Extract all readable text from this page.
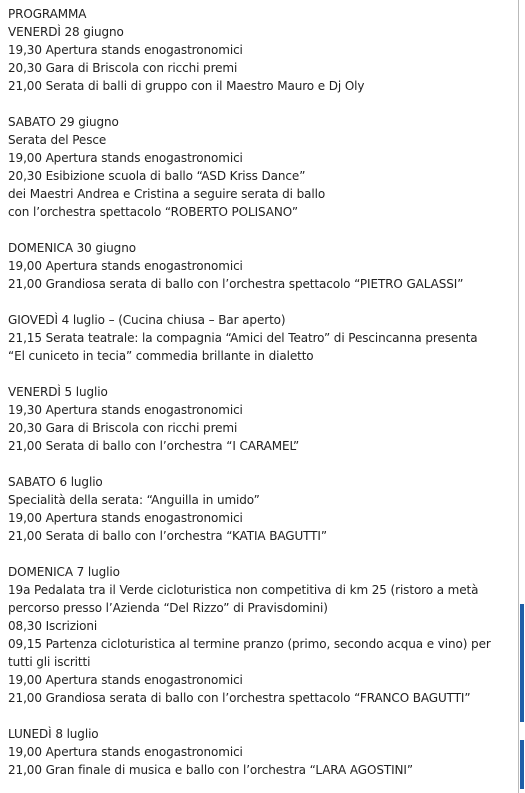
PROGRAMMA
VENERDÌ 28 giugno
19,30 Apertura stands enogastronomici
20,30 Gara di Briscola con ricchi premi
21,00 Serata di balli di gruppo con il Maestro Mauro e Dj Oly
SABATO 29 giugno
Serata del Pesce
19,00 Apertura stands enogastronomici
20,30 Esibizione scuola di ballo “ASD Kriss Dance”
dei Maestri Andrea e Cristina a seguire serata di ballo
con l’orchestra spettacolo “ROBERTO POLISANO”
DOMENICA 30 giugno
19,00 Apertura stands enogastronomici
21,00 Grandiosa serata di ballo con l’orchestra spettacolo “PIETRO GALASSI”
GIOVEDÌ 4 luglio – (Cucina chiusa – Bar aperto)
21,15 Serata teatrale: la compagnia “Amici del Teatro” di Pescincanna presenta
“El cuniceto in tecia” commedia brillante in dialetto
VENERDÌ 5 luglio
19,30 Apertura stands enogastronomici
20,30 Gara di Briscola con ricchi premi
21,00 Serata di ballo con l’orchestra “I CARAMEL”
SABATO 6 luglio
Specialità della serata: “Anguilla in umido”
19,00 Apertura stands enogastronomici
21,00 Serata di ballo con l’orchestra “KATIA BAGUTTI”
DOMENICA 7 luglio
19a Pedalata tra il Verde cicloturistica non competitiva di km 25 (ristoro a metà
percorso presso l’Azienda “Del Rizzo” di Pravisdomini)
08,30 Iscrizioni
09,15 Partenza cicloturistica al termine pranzo (primo, secondo acqua e vino) per
tutti gli iscritti
19,00 Apertura stands enogastronomici
21,00 Grandiosa serata di ballo con l’orchestra spettacolo “FRANCO BAGUTTI”
LUNEDÌ 8 luglio
19,00 Apertura stands enogastronomici
21,00 Gran finale di musica e ballo con l’orchestra “LARA AGOSTINI”
